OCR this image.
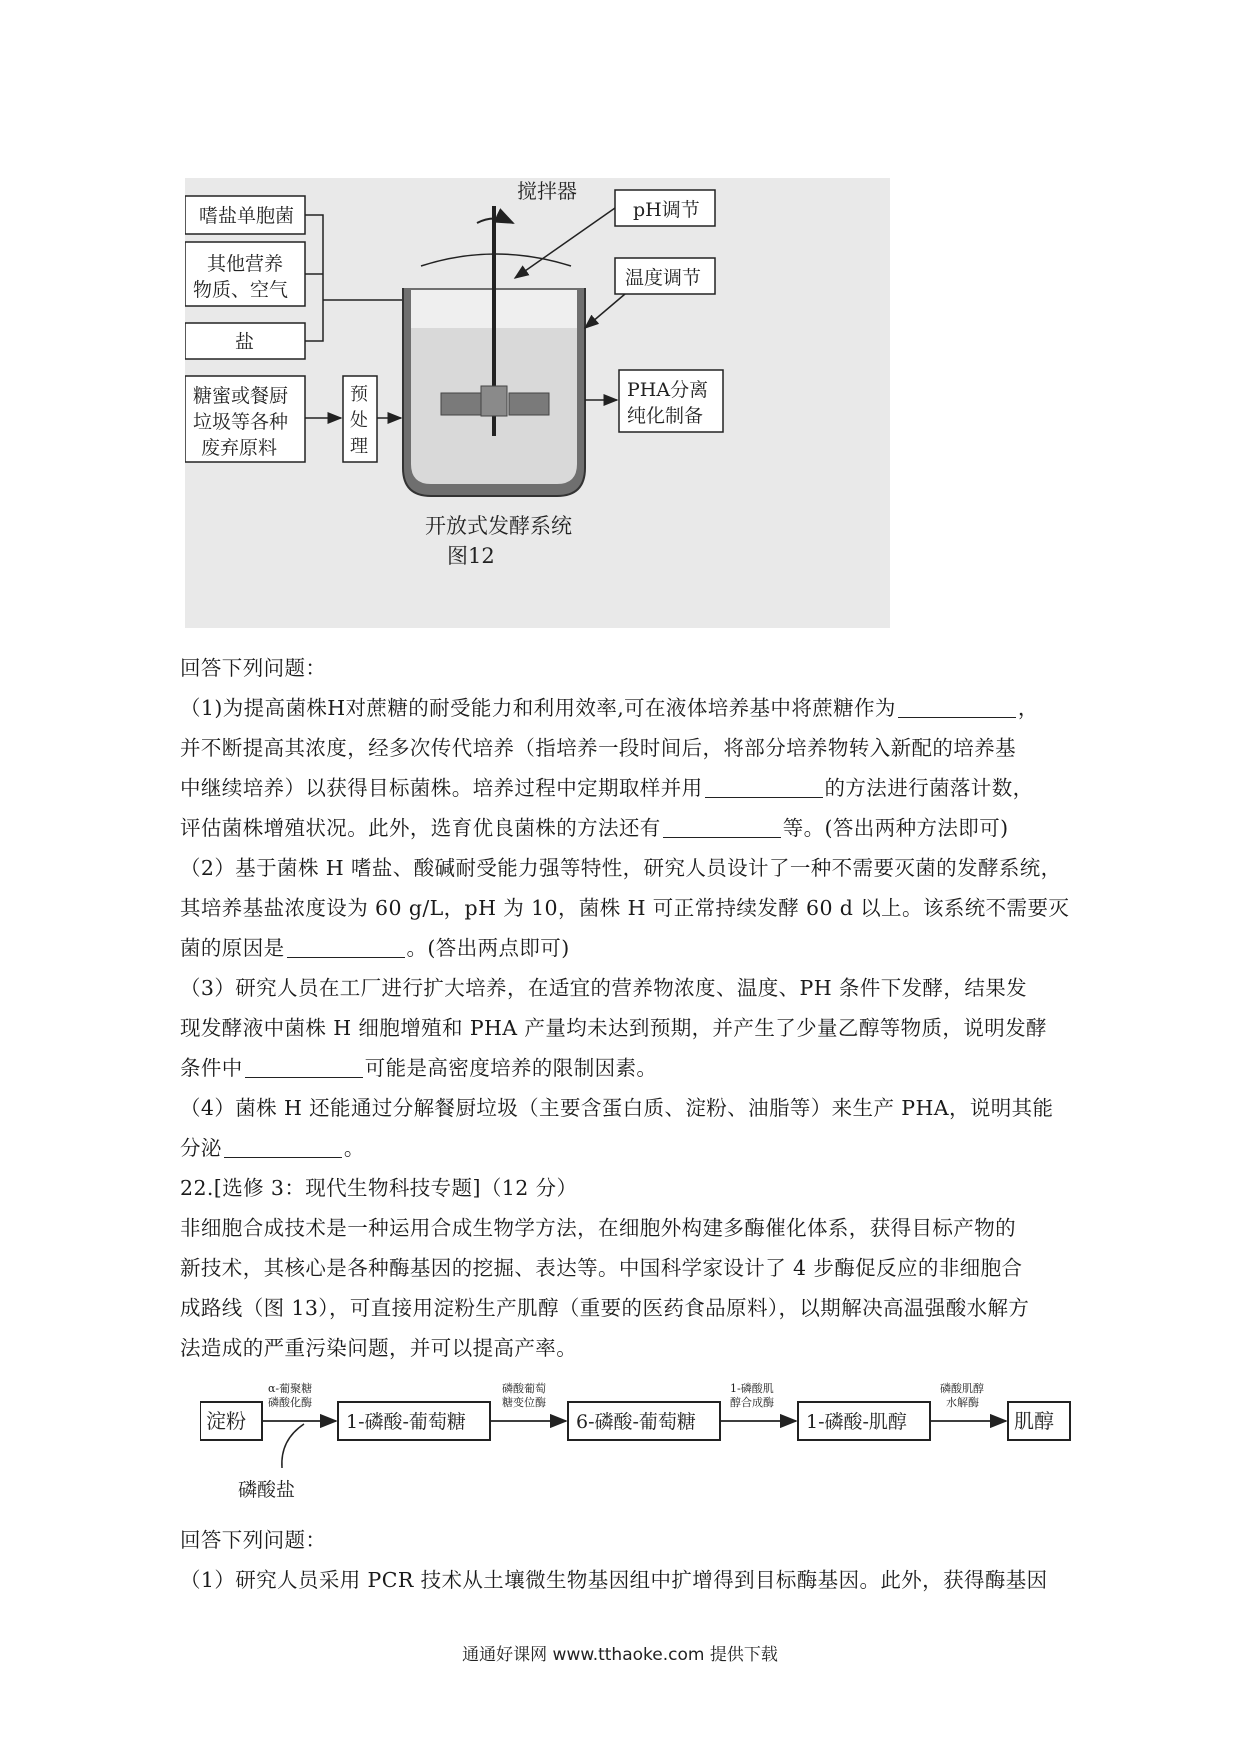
搅拌器
嗜盐单胞菌
其他营养
物质、空气
盐
糖蜜或餐厨
垃圾等各种
废弃原料
预
处
理
pH调节
温度调节
PHA分离
纯化制备
开放式发酵系统
图12
回答下列问题：
（1)为提高菌株H对蔗糖的耐受能力和利用效率,可在液体培养基中将蔗糖作为	，
并不断提高其浓度，经多次传代培养（指培养一段时间后，将部分培养物转入新配的培养基
中继续培养）以获得目标菌株。培养过程中定期取样并用	的方法进行菌落计数，
评估菌株增殖状况。此外，选育优良菌株的方法还有	等。(答出两种方法即可)
（2）基于菌株 H 嗜盐、酸碱耐受能力强等特性，研究人员设计了一种不需要灭菌的发酵系统，
其培养基盐浓度设为 60 g/L，pH 为 10，菌株 H 可正常持续发酵 60 d 以上。该系统不需要灭
菌的原因是	。(答出两点即可)
（3）研究人员在工厂进行扩大培养，在适宜的营养物浓度、温度、PH 条件下发酵，结果发
现发酵液中菌株 H 细胞增殖和 PHA 产量均未达到预期，并产生了少量乙醇等物质，说明发酵
条件中	可能是高密度培养的限制因素。
（4）菌株 H 还能通过分解餐厨垃圾（主要含蛋白质、淀粉、油脂等）来生产 PHA，说明其能
分泌	。
22.[选修 3：现代生物科技专题]（12 分）
非细胞合成技术是一种运用合成生物学方法，在细胞外构建多酶催化体系，获得目标产物的
新技术，其核心是各种酶基因的挖掘、表达等。中国科学家设计了 4 步酶促反应的非细胞合
成路线（图 13），可直接用淀粉生产肌醇（重要的医药食品原料），以期解决高温强酸水解方
法造成的严重污染问题，并可以提高产率。
淀粉	1-磷酸-葡萄糖	6-磷酸-葡萄糖	1-磷酸-肌醇	肌醇
磷酸盐
α-葡聚糖
磷酸化酶
磷酸葡萄
糖变位酶
1-磷酸肌
醇合成酶
磷酸肌醇
水解酶
回答下列问题：
（1）研究人员采用 PCR 技术从土壤微生物基因组中扩增得到目标酶基因。此外，获得酶基因
通通好课网 www.tthaoke.com 提供下载
